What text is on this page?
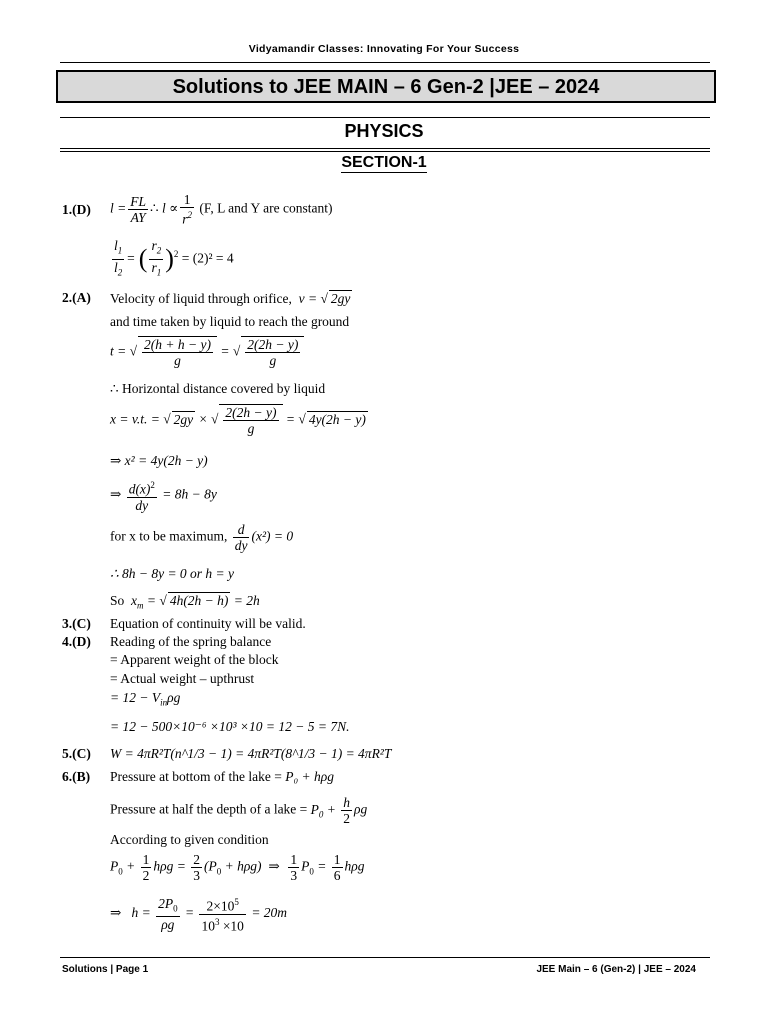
Vidyamandir Classes: Innovating For Your Success
Solutions to JEE MAIN – 6 Gen-2 |JEE – 2024
PHYSICS
SECTION-1
1.(D) $l = \frac{FL}{AY}$ ∴ $l \propto \frac{1}{r^2} (F$, L and Y are constant)
$\frac{l_1}{l_2}$ = ( $\frac{r_2}{r_1} )^2 = (2)^2 = 4$
2.(A) Velocity of liquid through orifice,  v = √ 2gy
and time taken by liquid to reach the ground
t = √ $\frac{2(h + h - y)}{g}$ = √ $\frac{2(2h - y)}{g}$
∴ Horizontal distance covered by liquid
x = v.t. = √ 2gy × √ $\frac{2(2h - y)}{g}$ = √ 4y(2h − y)
⇒ x² = 4y(2h − y)
⇒ $\frac{d(x)^2}{dy} = 8h - 8y$
for x to be maximum, $\frac{d}{dy} (x^2) = 0$
∴ 8h − 8y = 0 or h = y
So  $x_m$ = √ 4h(2h − h) = 2h
3.(C) Equation of continuity will be valid.
4.(D) Reading of the spring balance
= Apparent weight of the block
= Actual weight – upthrust
= $12 - V_{in}\rho g$
= 12 − 500×10⁻⁶ ×10³ ×10 = 12 − 5 = 7N.
5.(C) W = 4πR²T(n^1/3 − 1) = 4πR²T(8^1/3 − 1) = 4πR²T
6.(B) Pressure at bottom of the lake = P₀ + hρg
Pressure at half the depth of a lake = $P_0 + \frac{h}{2}$ ρg
According to given condition
$P_0 + \frac{1}{2}$ $h\rho g = \frac{2}{3} (P_0 + h\rho g)$  ⇒ $\frac{1}{3} P_0 = \frac{1}{6}$ hρg
⇒   $h = \frac{2P_0}{\rho g} = \frac{2\times 10^5}{10^3 \times 10} = 20m$
Solutions | Page 1	JEE Main – 6 (Gen-2) | JEE – 2024
